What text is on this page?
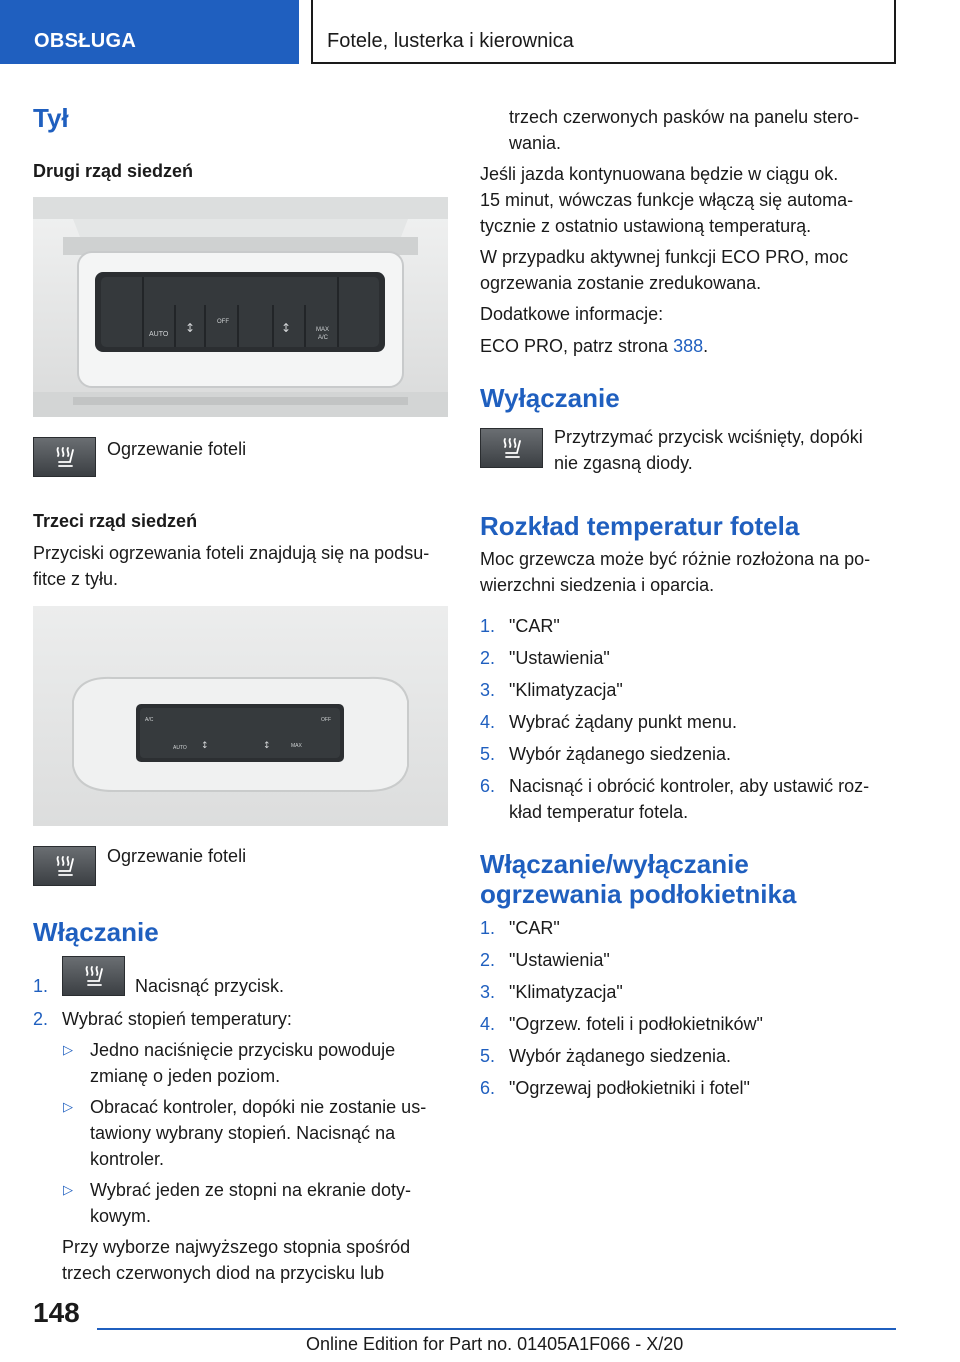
OBSŁUGA	Fotele, lusterka i kierownica
Tył
Drugi rząd siedzeń
AUTO
OFF
MAX
A/C
↕	↕
Ogrzewanie foteli
Trzeci rząd siedzeń
Przyciski ogrzewania foteli znajdują się na podsu-
fitce z tyłu.
A/C	OFF
AUTO	MAX
↕	↕
Ogrzewanie foteli
Włączanie
1.	Nacisnąć przycisk.
2. Wybrać stopień temperatury:
▷ Jedno naciśnięcie przycisku powoduje
zmianę o jeden poziom.
▷ Obracać kontroler, dopóki nie zostanie us-
tawiony wybrany stopień. Nacisnąć na
kontroler.
▷ Wybrać jeden ze stopni na ekranie doty-
kowym.
Przy wyborze najwyższego stopnia spośród
trzech czerwonych diod na przycisku lub
trzech czerwonych pasków na panelu stero-
wania.
Jeśli jazda kontynuowana będzie w ciągu ok.
15 minut, wówczas funkcje włączą się automa-
tycznie z ostatnio ustawioną temperaturą.
W przypadku aktywnej funkcji ECO PRO, moc
ogrzewania zostanie zredukowana.
Dodatkowe informacje:
ECO PRO, patrz strona 388.
Wyłączanie
Przytrzymać przycisk wciśnięty, dopóki
nie zgasną diody.
Rozkład temperatur fotela
Moc grzewcza może być różnie rozłożona na po-
wierzchni siedzenia i oparcia.
1. "CAR"
2. "Ustawienia"
3. "Klimatyzacja"
4. Wybrać żądany punkt menu.
5. Wybór żądanego siedzenia.
6. Nacisnąć i obrócić kontroler, aby ustawić roz-
kład temperatur fotela.
Włączanie/wyłączanie
ogrzewania podłokietnika
1. "CAR"
2. "Ustawienia"
3. "Klimatyzacja"
4. "Ogrzew. foteli i podłokietników"
5. Wybór żądanego siedzenia.
6. "Ogrzewaj podłokietniki i fotel"
148
Online Edition for Part no. 01405A1F066 - X/20
